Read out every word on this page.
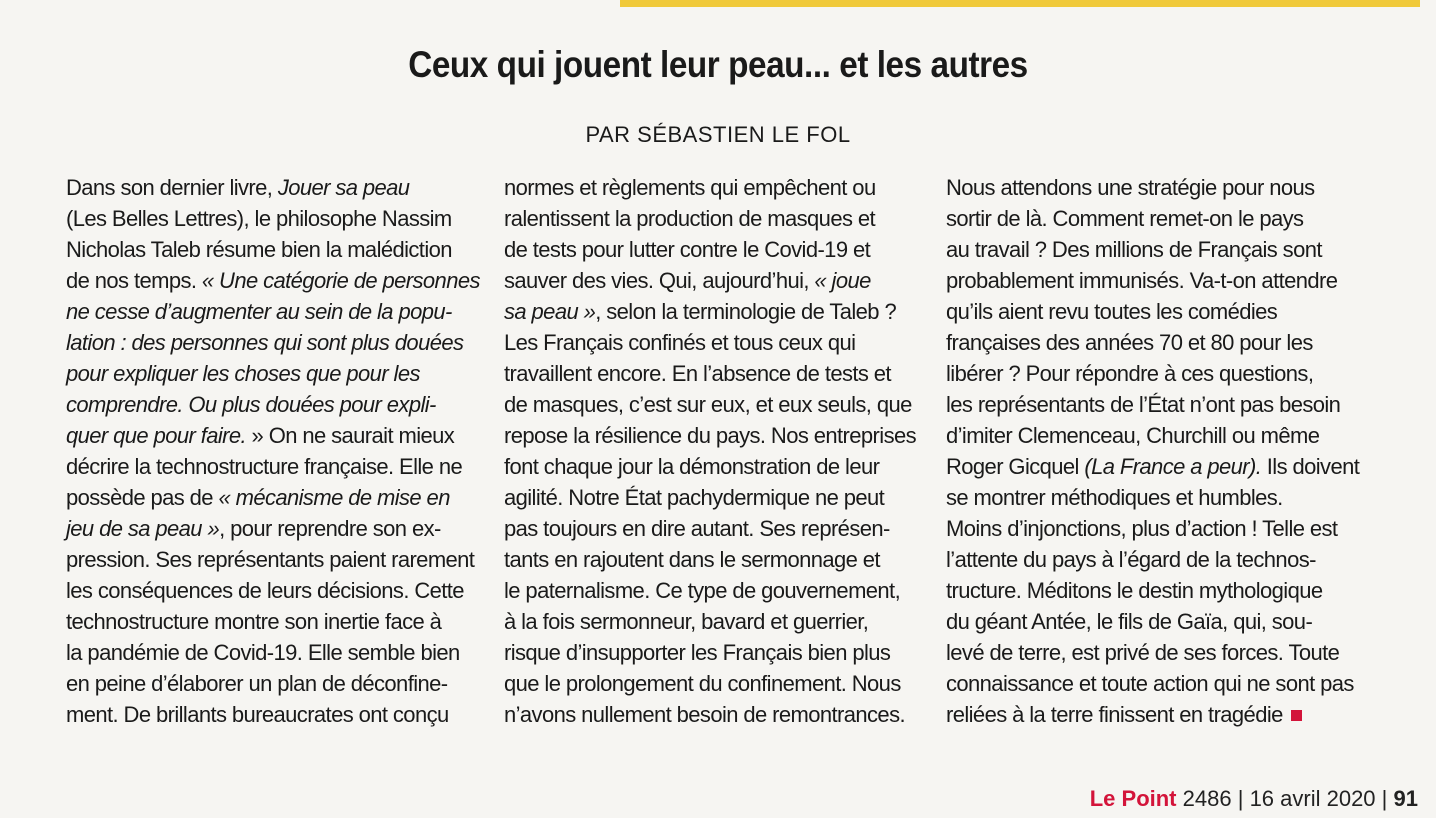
Ceux qui jouent leur peau... et les autres
PAR SÉBASTIEN LE FOL
Dans son dernier livre, Jouer sa peau
(Les Belles Lettres), le philosophe Nassim
Nicholas Taleb résume bien la malédiction
de nos temps. « Une catégorie de personnes
ne cesse d’augmenter au sein de la popu-
lation : des personnes qui sont plus douées
pour expliquer les choses que pour les
comprendre. Ou plus douées pour expli-
quer que pour faire. » On ne saurait mieux
décrire la technostructure française. Elle ne
possède pas de « mécanisme de mise en
jeu de sa peau », pour reprendre son ex-
pression. Ses représentants paient rarement
les conséquences de leurs décisions. Cette
technostructure montre son inertie face à
la pandémie de Covid-19. Elle semble bien
en peine d’élaborer un plan de déconfine-
ment. De brillants bureaucrates ont conçu
normes et règlements qui empêchent ou
ralentissent la production de masques et
de tests pour lutter contre le Covid-19 et
sauver des vies. Qui, aujourd’hui, « joue
sa peau », selon la terminologie de Taleb ?
Les Français confinés et tous ceux qui
travaillent encore. En l’absence de tests et
de masques, c’est sur eux, et eux seuls, que
repose la résilience du pays. Nos entreprises
font chaque jour la démonstration de leur
agilité. Notre État pachydermique ne peut
pas toujours en dire autant. Ses représen-
tants en rajoutent dans le sermonnage et
le paternalisme. Ce type de gouvernement,
à la fois sermonneur, bavard et guerrier,
risque d’insupporter les Français bien plus
que le prolongement du confinement. Nous
n’avons nullement besoin de remontrances.
Nous attendons une stratégie pour nous
sortir de là. Comment remet-on le pays
au travail ? Des millions de Français sont
probablement immunisés. Va-t-on attendre
qu’ils aient revu toutes les comédies
françaises des années 70 et 80 pour les
libérer ? Pour répondre à ces questions,
les représentants de l’État n’ont pas besoin
d’imiter Clemenceau, Churchill ou même
Roger Gicquel (La France a peur). Ils doivent
se montrer méthodiques et humbles.
Moins d’injonctions, plus d’action ! Telle est
l’attente du pays à l’égard de la technos-
tructure. Méditons le destin mythologique
du géant Antée, le fils de Gaïa, qui, sou-
levé de terre, est privé de ses forces. Toute
connaissance et toute action qui ne sont pas
reliées à la terre finissent en tragédie
Le Point 2486 | 16 avril 2020 | 91
